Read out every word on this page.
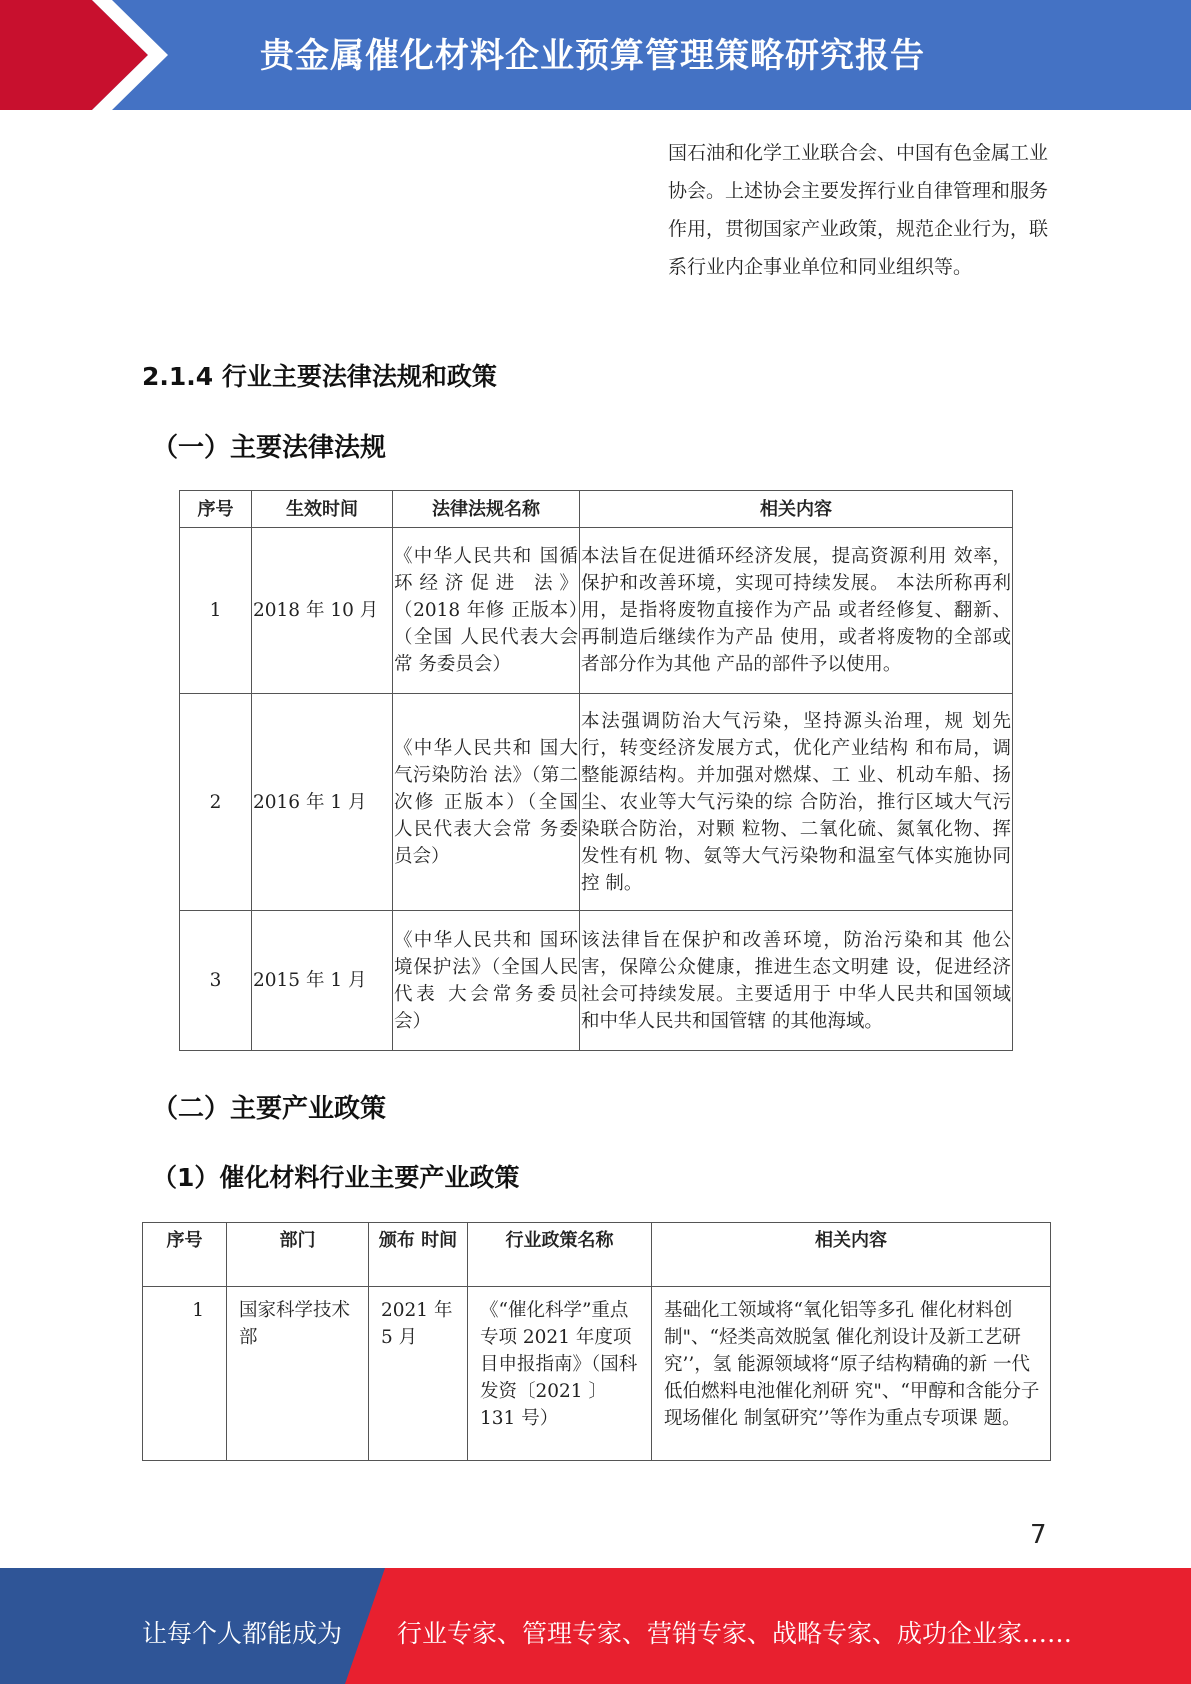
贵金属催化材料企业预算管理策略研究报告
国石油和化学工业联合会、中国有色金属工业协会。上述协会主要发挥行业自律管理和服务作用，贯彻国家产业政策，规范企业行为，联系行业内企事业单位和同业组织等。
2.1.4 行业主要法律法规和政策
（一）主要法律法规
序号	生效时间	法律法规名称	相关内容
1	2018 年 10 月	《中华人民共和 国循环经济促进 法》（2018 年修 正版本）（全国 人民代表大会常 务委员会）	本法旨在促进循环经济发展，提高资源利用 效率，保护和改善环境，实现可持续发展。 本法所称再利用，是指将废物直接作为产品 或者经修复、翻新、再制造后继续作为产品 使用，或者将废物的全部或者部分作为其他 产品的部件予以使用。
2	2016 年 1 月	《中华人民共和 国大气污染防治 法》（第二次修 正版本）（全国 人民代表大会常 务委员会）	本法强调防治大气污染，坚持源头治理，规 划先行，转变经济发展方式，优化产业结构 和布局，调整能源结构。并加强对燃煤、工 业、机动车船、扬尘、农业等大气污染的综 合防治，推行区域大气污染联合防治，对颗 粒物、二氧化硫、氮氧化物、挥发性有机 物、氨等大气污染物和温室气体实施协同控 制。
3	2015 年 1 月	《中华人民共和 国环境保护法》（全国人民代表 大会常务委员 会）	该法律旨在保护和改善环境，防治污染和其 他公害，保障公众健康，推进生态文明建 设，促进经济社会可持续发展。主要适用于 中华人民共和国领域和中华人民共和国管辖 的其他海域。
（二）主要产业政策
（1）催化材料行业主要产业政策
序号	部门	颁布 时间	行业政策名称	相关内容
1	国家科学技术部	2021 年 5 月	《“催化科学”重点专项 2021 年度项目申报指南》（国科发资〔2021 〕131 号）	基础化工领域将“氧化铝等多孔 催化材料创制"、“烃类高效脱氢 催化剂设计及新工艺研究’’，氢 能源领域将“原子结构精确的新 一代低伯燃料电池催化剂研 究"、“甲醇和含能分子现场催化 制氢研究’’等作为重点专项课 题。
7
让每个人都能成为 行业专家、管理专家、营销专家、战略专家、成功企业家……
